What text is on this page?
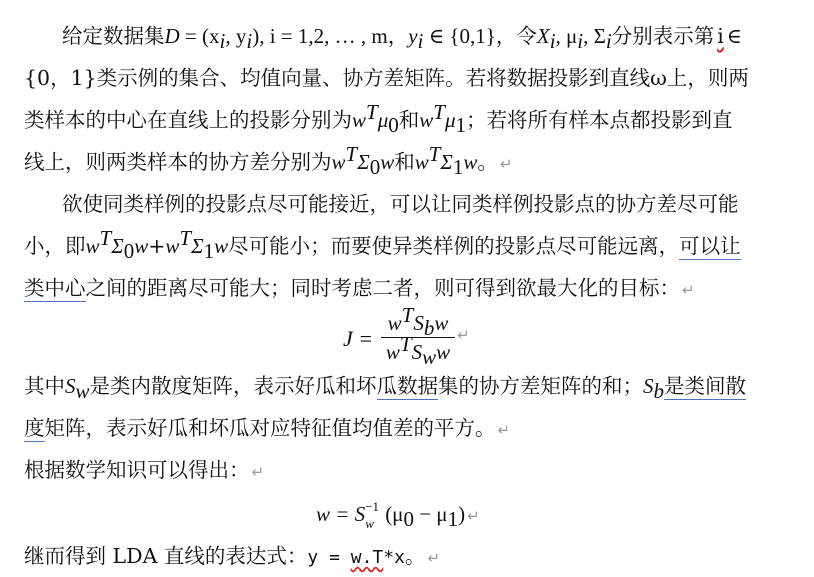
给定数据集$D = (x_i$, $y_i$), i = 1,2, … , m，$y_i$ ∈ {0,1}，令$X_i$, $\mu_i$, $\Sigma_i$分别表示第 i ∈
{0，1}类示例的集合、均值向量、协方差矩阵。若将数据投影到直线ω上，则两
类样本的中心在直线上的投影分别为$w^T\mu_0$和$w^T\mu_1$；若将所有样本点都投影到直
线上，则两类样本的协方差分别为$w^T\Sigma_0w$和$w^T\Sigma_1w$。 ↵
欲使同类样例的投影点尽可能接近，可以让同类样例投影点的协方差尽可能
小，即$w^T\Sigma_0w+w^T\Sigma_1w$尽可能小；而要使异类样例的投影点尽可能远离，可以让
类中心之间的距离尽可能大；同时考虑二者，则可得到欲最大化的目标： ↵
J =
$w^TS_bw$
$w^TS_ww$
↵
其中$S_w$是类内散度矩阵，表示好瓜和坏瓜数据集的协方差矩阵的和；$S_b$是类间散
度矩阵，表示好瓜和坏瓜对应特征值均值差的平方。 ↵
根据数学知识可以得出： ↵
w = S −1
w $(\mu_0 - \mu_1)$ ↵
继而得到 LDA 直线的表达式：y = w.T*x。 ↵
